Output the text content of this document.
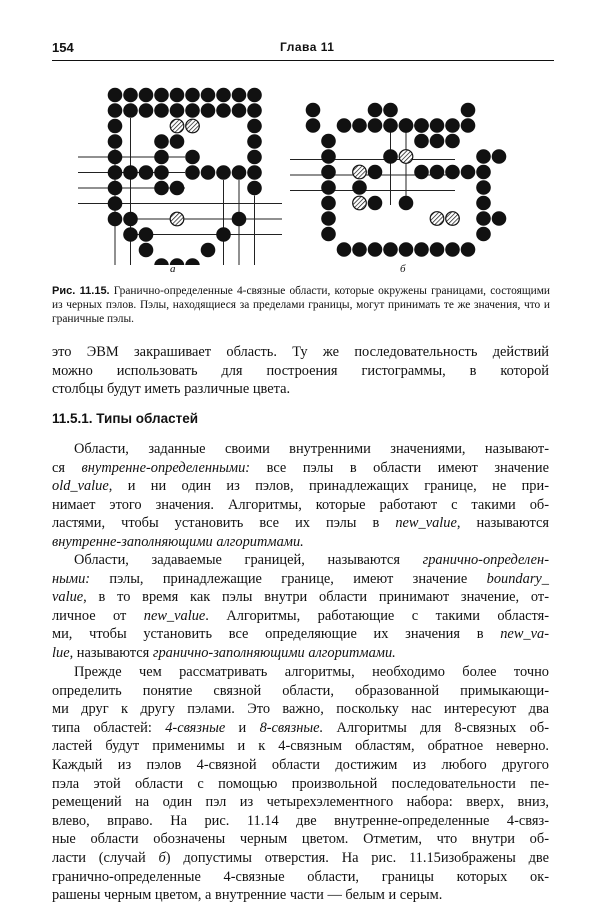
154	Глава 11
а	б
Рис. 11.15. Гранично-определенные 4-связные области, которые окружены границами, состоящими из черных пэлов. Пэлы, находящиеся за пределами границы, могут принимать те же значения, что и граничные пэлы.
это ЭВМ закрашивает область. Ту же последовательность действий
можно использовать для построения гистограммы, в которой
столбцы будут иметь различные цвета.
11.5.1. Типы областей
Области, заданные своими внутренними значениями, называют-
ся внутренне-определенными: все пэлы в области имеют значение
old_value, и ни один из пэлов, принадлежащих границе, не при-
нимает этого значения. Алгоритмы, которые работают с такими об-
ластями, чтобы установить все их пэлы в new_value, называются
внутренне-заполняющими алгоритмами.
Области, задаваемые границей, называются гранично-определен-
ными: пэлы, принадлежащие границе, имеют значение boundary_
value, в то время как пэлы внутри области принимают значение, от-
личное от new_value. Алгоритмы, работающие с такими областя-
ми, чтобы установить все определяющие их значения в new_va-
lue, называются гранично-заполняющими алгоритмами.
Прежде чем рассматривать алгоритмы, необходимо более точно
определить понятие связной области, образованной примыкающи-
ми друг к другу пэлами. Это важно, поскольку нас интересуют два
типа областей: 4-связные и 8-связные. Алгоритмы для 8-связных об-
ластей будут применимы и к 4-связным областям, обратное неверно.
Каждый из пэлов 4-связной области достижим из любого другого
пэла этой области с помощью произвольной последовательности пе-
ремещений на один пэл из четырехэлементного набора: вверх, вниз,
влево, вправо. На рис. 11.14 две внутренне-определенные 4-связ-
ные области обозначены черным цветом. Отметим, что внутри об-
ласти (случай б) допустимы отверстия. На рис. 11.15изображены две
гранично-определенные 4-связные области, границы которых ок-
рашены черным цветом, а внутренние части — белым и серым.
